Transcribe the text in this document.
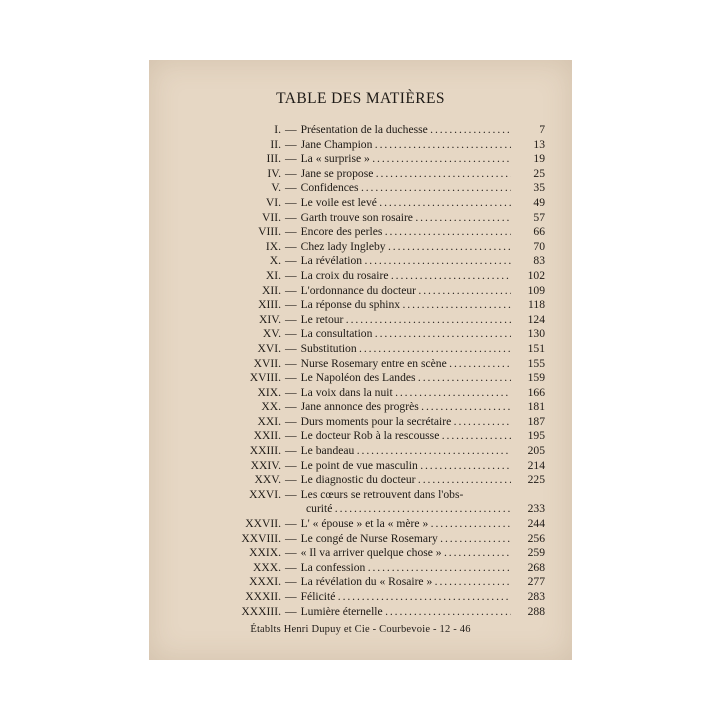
TABLE DES MATIÈRES
I. — Présentation de la duchesse . . .	7
II. — Jane Champion . . .	13
III. — La « surprise » . . .	19
IV. — Jane se propose . . .	25
V. — Confidences . . .	35
VI. — Le voile est levé . . .	49
VII. — Garth trouve son rosaire . . .	57
VIII. — Encore des perles . . .	66
IX. — Chez lady Ingleby . . .	70
X. — La révélation . . .	83
XI. — La croix du rosaire . . .	102
XII. — L'ordonnance du docteur . . .	109
XIII. — La réponse du sphinx . . .	118
XIV. — Le retour . . .	124
XV. — La consultation . . .	130
XVI. — Substitution . . .	151
XVII. — Nurse Rosemary entre en scène . . .	155
XVIII. — Le Napoléon des Landes . . .	159
XIX. — La voix dans la nuit . . .	166
XX. — Jane annonce des progrès . . .	181
XXI. — Durs moments pour la secrétaire . . .	187
XXII. — Le docteur Rob à la rescousse . . .	195
XXIII. — Le bandeau . . .	205
XXIV. — Le point de vue masculin . . .	214
XXV. — Le diagnostic du docteur . . .	225
XXVI. — Les cœurs se retrouvent dans l'obs-
curité . . .	233
XXVII. — L' « épouse » et la « mère » . . .	244
XXVIII. — Le congé de Nurse Rosemary . . .	256
XXIX. — « Il va arriver quelque chose » . . .	259
XXX. — La confession . . .	268
XXXI. — La révélation du « Rosaire » . . .	277
XXXII. — Félicité . . .	283
XXXIII. — Lumière éternelle . . .	288
Établts Henri Dupuy et Cie - Courbevoie - 12 - 46
